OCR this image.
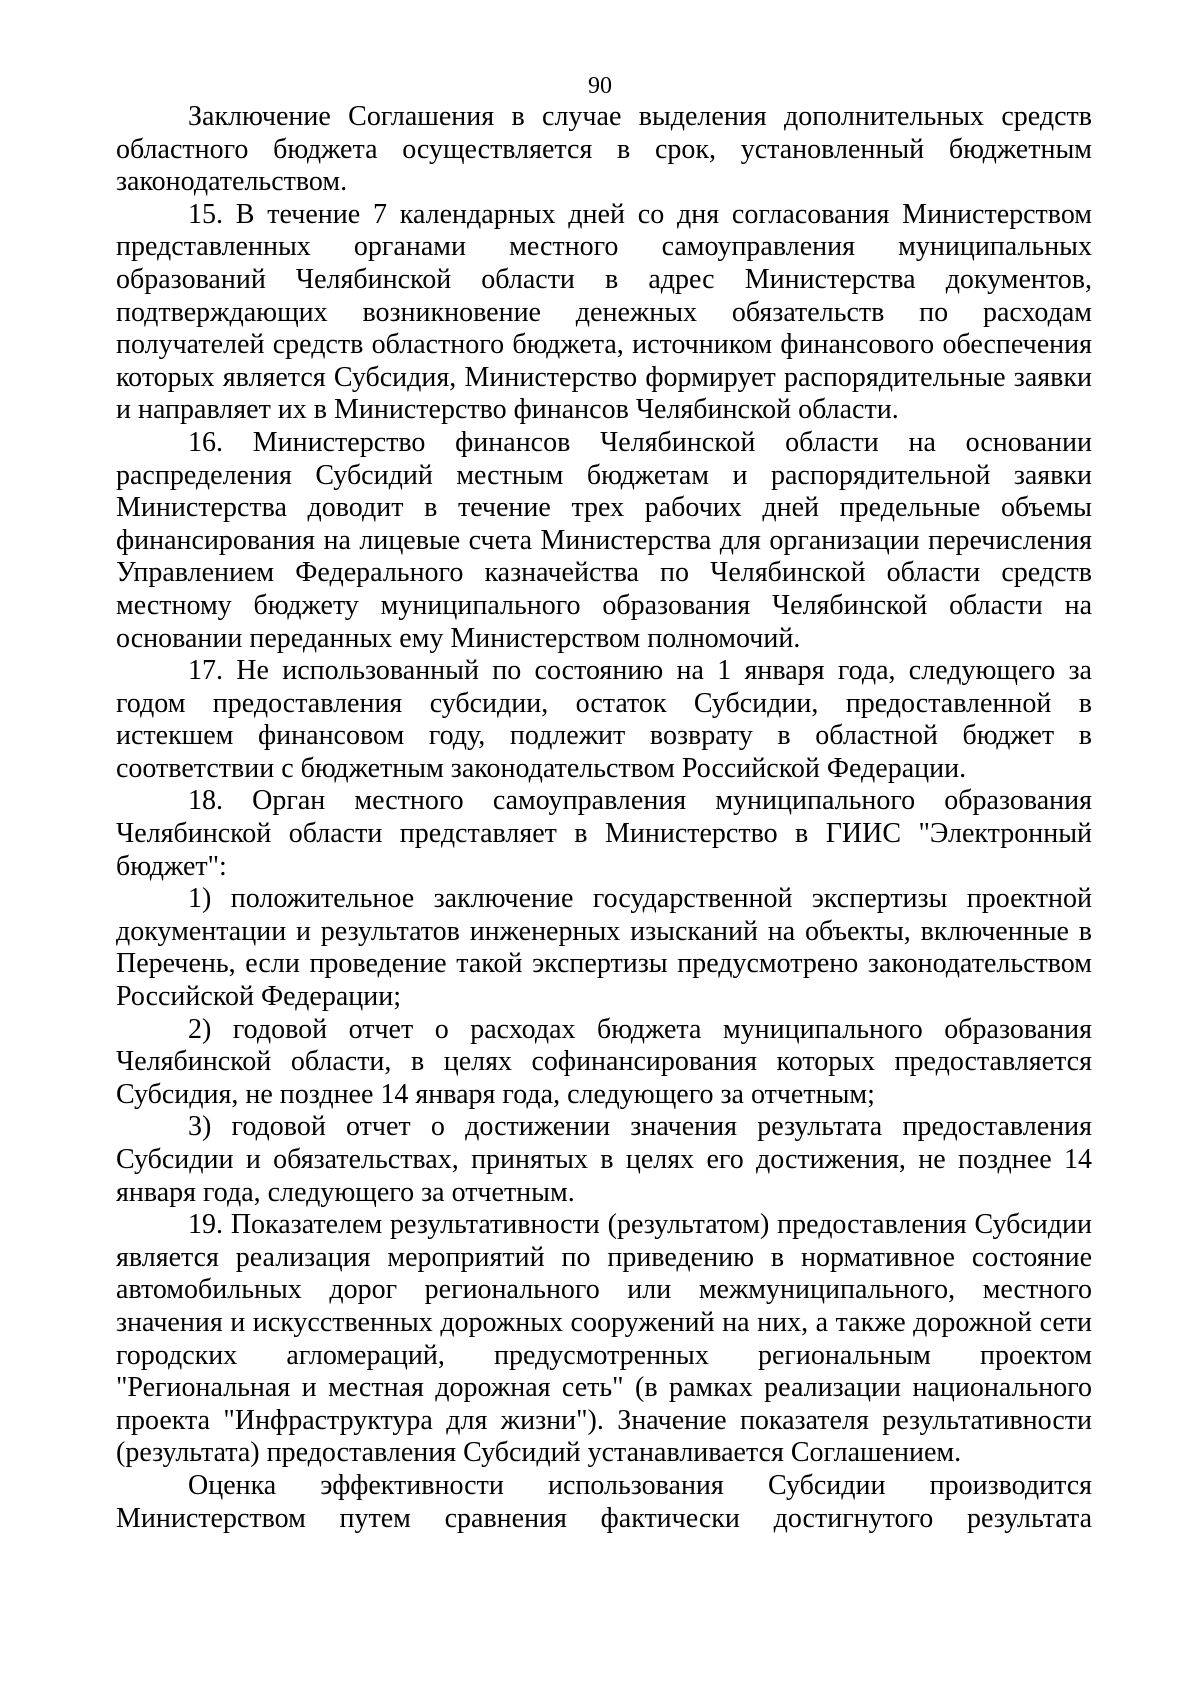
90

Заключение Соглашения в случае выделения дополнительных средств областного бюджета осуществляется в срок, установленный бюджетным законодательством.

15. В течение 7 календарных дней со дня согласования Министерством представленных органами местного самоуправления муниципальных образований Челябинской области в адрес Министерства документов, подтверждающих возникновение денежных обязательств по расходам получателей средств областного бюджета, источником финансового обеспечения которых является Субсидия, Министерство формирует распорядительные заявки и направляет их в Министерство финансов Челябинской области.

16. Министерство финансов Челябинской области на основании распределения Субсидий местным бюджетам и распорядительной заявки Министерства доводит в течение трех рабочих дней предельные объемы финансирования на лицевые счета Министерства для организации перечисления Управлением Федерального казначейства по Челябинской области средств местному бюджету муниципального образования Челябинской области на основании переданных ему Министерством полномочий.

17. Не использованный по состоянию на 1 января года, следующего за годом предоставления субсидии, остаток Субсидии, предоставленной в истекшем финансовом году, подлежит возврату в областной бюджет в соответствии с бюджетным законодательством Российской Федерации.

18. Орган местного самоуправления муниципального образования Челябинской области представляет в Министерство в ГИИС "Электронный бюджет":

1) положительное заключение государственной экспертизы проектной документации и результатов инженерных изысканий на объекты, включенные в Перечень, если проведение такой экспертизы предусмотрено законодательством Российской Федерации;

2) годовой отчет о расходах бюджета муниципального образования Челябинской области, в целях софинансирования которых предоставляется Субсидия, не позднее 14 января года, следующего за отчетным;

3) годовой отчет о достижении значения результата предоставления Субсидии и обязательствах, принятых в целях его достижения, не позднее 14 января года, следующего за отчетным.

19. Показателем результативности (результатом) предоставления Субсидии является реализация мероприятий по приведению в нормативное состояние автомобильных дорог регионального или межмуниципального, местного значения и искусственных дорожных сооружений на них, а также дорожной сети городских агломераций, предусмотренных региональным проектом "Региональная и местная дорожная сеть" (в рамках реализации национального проекта "Инфраструктура для жизни"). Значение показателя результативности (результата) предоставления Субсидий устанавливается Соглашением.

Оценка эффективности использования Субсидии производится Министерством путем сравнения фактически достигнутого результата
